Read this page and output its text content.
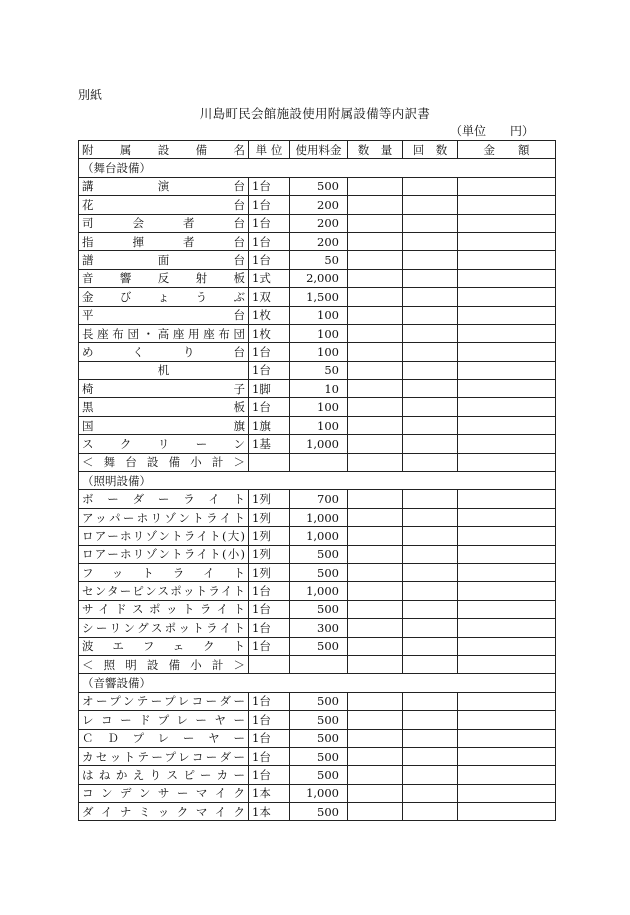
別紙
川島町民会館施設使用附属設備等内訳書
（単位　　円）
附　属　設　備　名	単 位	使用料金	数　量	回　数	金　　額
（舞台設備）					
講演台	1台	500			
花台	1台	200			
司会者台	1台	200			
指揮者台	1台	200			
譜面台	1台	50			
音響反射板	1式	2,000			
金びょうぶ	1双	1,500			
平台	1枚	100			
長座布団・高座用座布団	1枚	100			
めくり台	1台	100			
机	1台	50			
椅子	1脚	10			
黒板	1台	100			
国旗	1旗	100			
スクリーン	1基	1,000			
＜舞台設備小計＞					
（照明設備）					
ボーダーライト	1列	700			
アッパーホリゾントライト	1列	1,000			
ロアーホリゾントライト(大)	1列	1,000			
ロアーホリゾントライト(小)	1列	500			
フットライト	1列	500			
センターピンスポットライト	1台	1,000			
サイドスポットライト	1台	500			
シーリングスポットライト	1台	300			
波エフェクト	1台	500			
＜照明設備小計＞					
（音響設備）					
オープンテープレコーダー	1台	500			
レコードプレーヤー	1台	500			
ＣＤプレーヤー	1台	500			
カセットテープレコーダー	1台	500			
はねかえりスピーカー	1台	500			
コンデンサーマイク	1本	1,000			
ダイナミックマイク	1本	500			
